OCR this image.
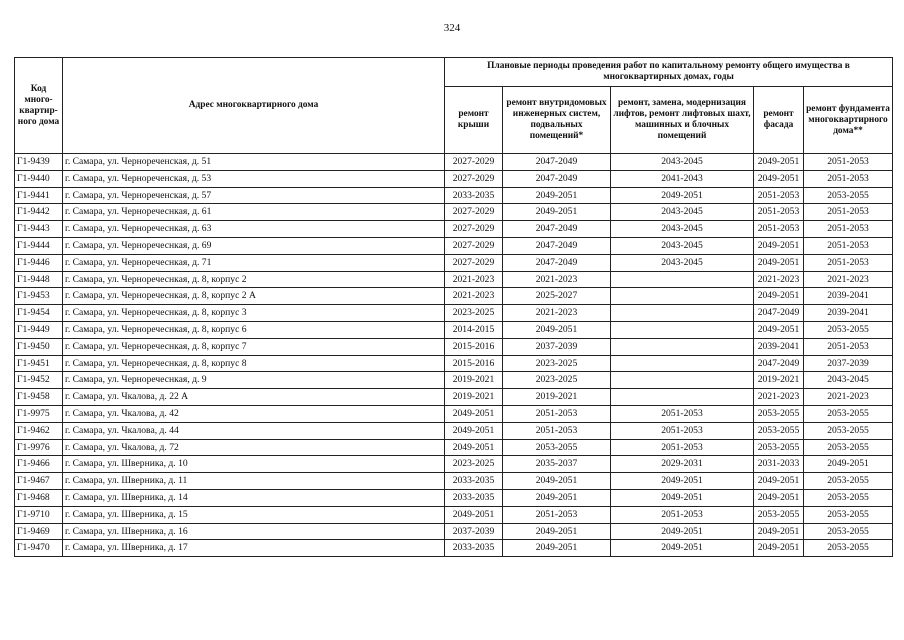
324
Код много-квартир-ного дома	Адрес многоквартирного дома	Плановые периоды проведения работ по капитальному ремонту общего имущества в многоквартирных домах, годы				
		ремонт крыши	ремонт внутридомовых инженерных систем, подвальных помещений*	ремонт, замена, модернизация лифтов, ремонт лифтовых шахт, машинных и блочных помещений	ремонт фасада	ремонт фундамента многоквартирного дома**
Г1-9439	г. Самара, ул. Чернореченская, д. 51	2027-2029	2047-2049	2043-2045	2049-2051	2051-2053
Г1-9440	г. Самара, ул. Чернореченская, д. 53	2027-2029	2047-2049	2041-2043	2049-2051	2051-2053
Г1-9441	г. Самара, ул. Чернореченская, д. 57	2033-2035	2049-2051	2049-2051	2051-2053	2053-2055
Г1-9442	г. Самара, ул. Черноречеснкая, д. 61	2027-2029	2049-2051	2043-2045	2051-2053	2051-2053
Г1-9443	г. Самара, ул. Черноречеснкая, д. 63	2027-2029	2047-2049	2043-2045	2051-2053	2051-2053
Г1-9444	г. Самара, ул. Черноречеснкая, д. 69	2027-2029	2047-2049	2043-2045	2049-2051	2051-2053
Г1-9446	г. Самара, ул. Черноречеснкая, д. 71	2027-2029	2047-2049	2043-2045	2049-2051	2051-2053
Г1-9448	г. Самара, ул. Черноречеснкая, д. 8, корпус 2	2021-2023	2021-2023		2021-2023	2021-2023
Г1-9453	г. Самара, ул. Черноречеснкая, д. 8, корпус 2 А	2021-2023	2025-2027		2049-2051	2039-2041
Г1-9454	г. Самара, ул. Черноречеснкая, д. 8, корпус 3	2023-2025	2021-2023		2047-2049	2039-2041
Г1-9449	г. Самара, ул. Черноречеснкая, д. 8, корпус 6	2014-2015	2049-2051		2049-2051	2053-2055
Г1-9450	г. Самара, ул. Черноречеснкая, д. 8, корпус 7	2015-2016	2037-2039		2039-2041	2051-2053
Г1-9451	г. Самара, ул. Черноречеснкая, д. 8, корпус 8	2015-2016	2023-2025		2047-2049	2037-2039
Г1-9452	г. Самара, ул. Черноречеснкая, д. 9	2019-2021	2023-2025		2019-2021	2043-2045
Г1-9458	г. Самара, ул. Чкалова, д. 22 А	2019-2021	2019-2021		2021-2023	2021-2023
Г1-9975	г. Самара, ул. Чкалова, д. 42	2049-2051	2051-2053	2051-2053	2053-2055	2053-2055
Г1-9462	г. Самара, ул. Чкалова, д. 44	2049-2051	2051-2053	2051-2053	2053-2055	2053-2055
Г1-9976	г. Самара, ул. Чкалова, д. 72	2049-2051	2053-2055	2051-2053	2053-2055	2053-2055
Г1-9466	г. Самара, ул. Шверника, д. 10	2023-2025	2035-2037	2029-2031	2031-2033	2049-2051
Г1-9467	г. Самара, ул. Шверника, д. 11	2033-2035	2049-2051	2049-2051	2049-2051	2053-2055
Г1-9468	г. Самара, ул. Шверника, д. 14	2033-2035	2049-2051	2049-2051	2049-2051	2053-2055
Г1-9710	г. Самара, ул. Шверника, д. 15	2049-2051	2051-2053	2051-2053	2053-2055	2053-2055
Г1-9469	г. Самара, ул. Шверника, д. 16	2037-2039	2049-2051	2049-2051	2049-2051	2053-2055
Г1-9470	г. Самара, ул. Шверника, д. 17	2033-2035	2049-2051	2049-2051	2049-2051	2053-2055
